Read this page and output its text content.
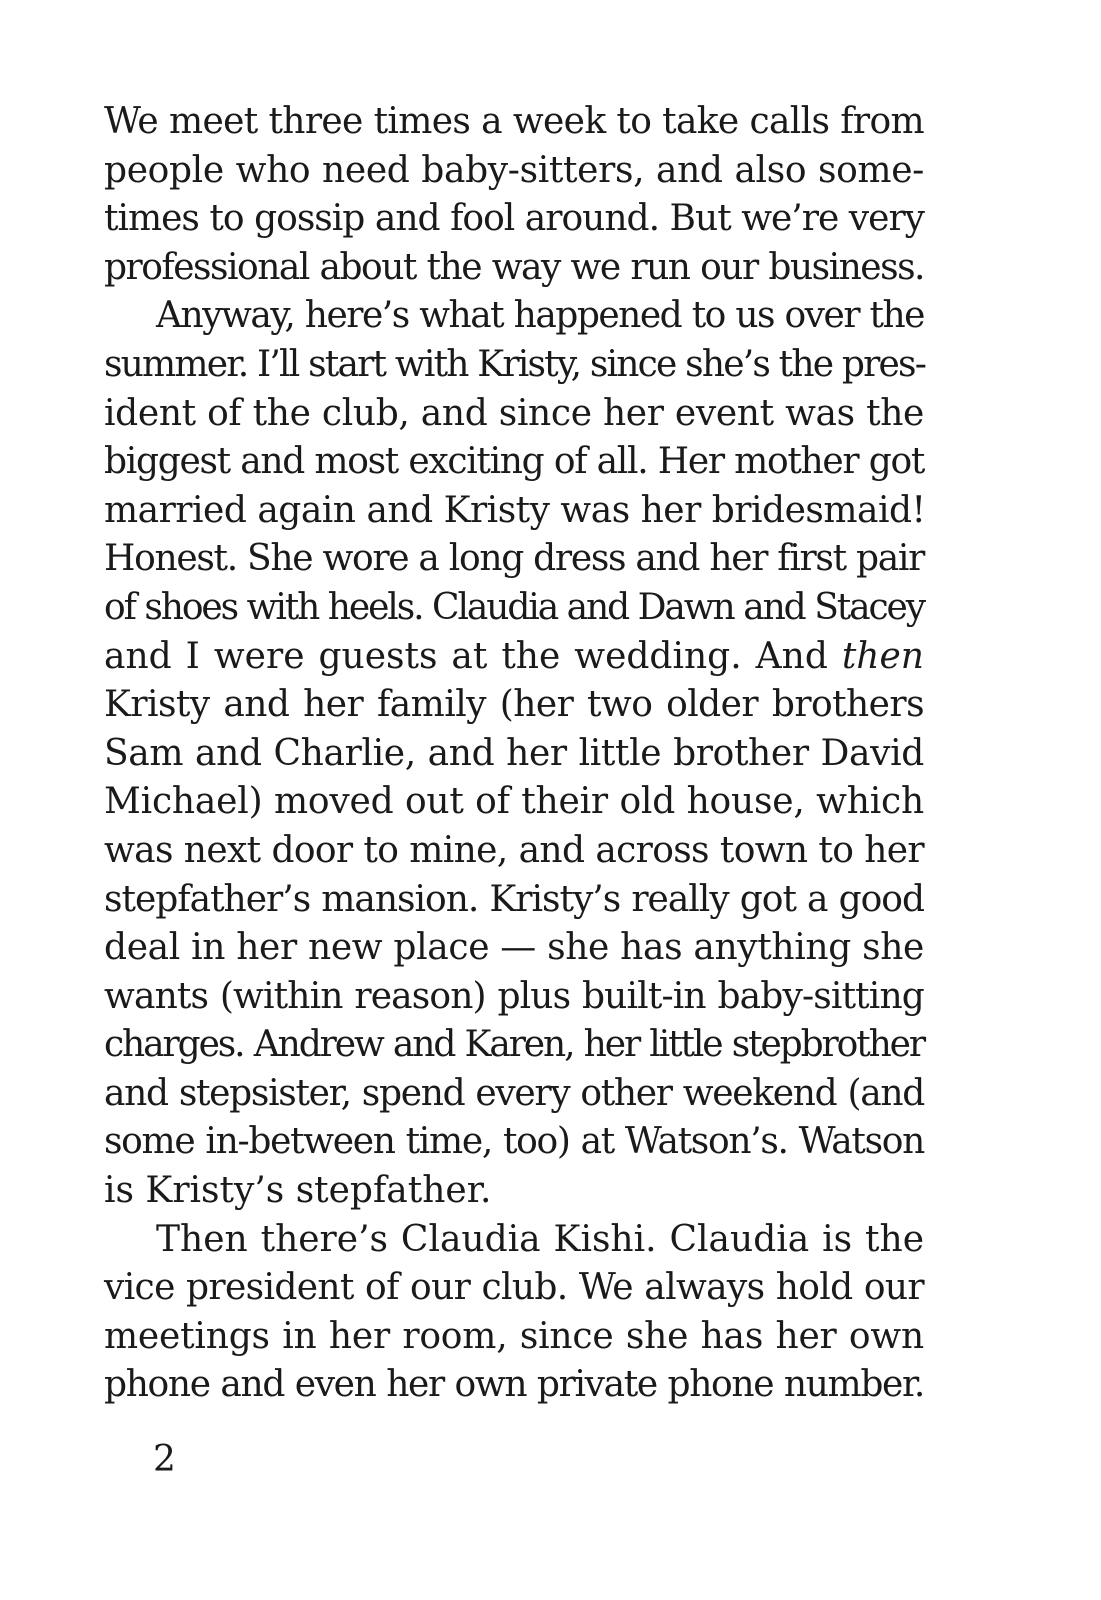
We meet three times a week to take calls from
people who need baby-sitters, and also some-
times to gossip and fool around. But we’re very
professional about the way we run our business.
Anyway, here’s what happened to us over the
summer. I’ll start with Kristy, since she’s the pres-
ident of the club, and since her event was the
biggest and most exciting of all. Her mother got
married again and Kristy was her bridesmaid!
Honest. She wore a long dress and her first pair
of shoes with heels. Claudia and Dawn and Stacey
and I were guests at the wedding. And then
Kristy and her family (her two older brothers
Sam and Charlie, and her little brother David
Michael) moved out of their old house, which
was next door to mine, and across town to her
stepfather’s mansion. Kristy’s really got a good
deal in her new place — she has anything she
wants (within reason) plus built-in baby-sitting
charges. Andrew and Karen, her little stepbrother
and stepsister, spend every other weekend (and
some in-between time, too) at Watson’s. Watson
is Kristy’s stepfather.
Then there’s Claudia Kishi. Claudia is the
vice president of our club. We always hold our
meetings in her room, since she has her own
phone and even her own private phone number.
2
